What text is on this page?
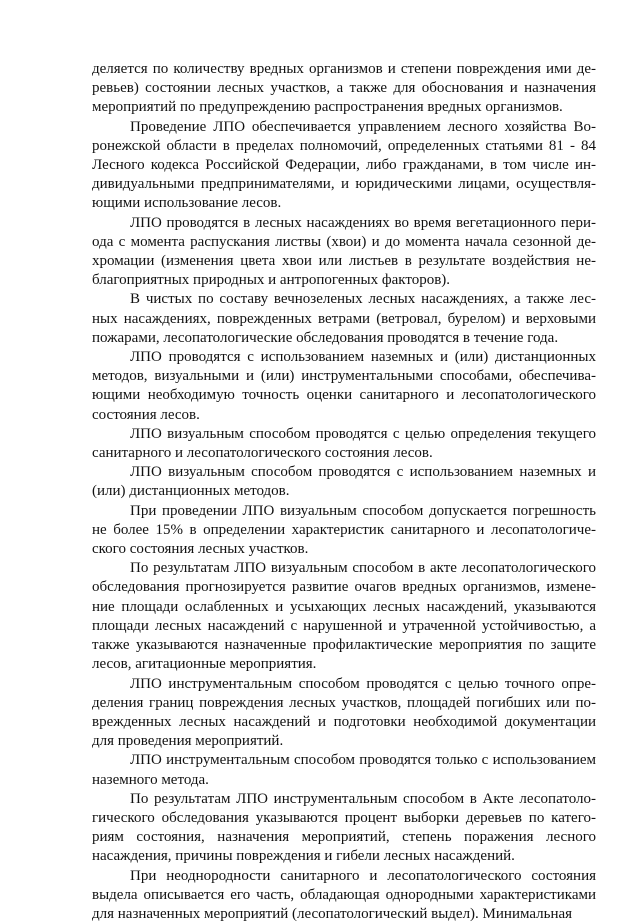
деляется по количеству вредных организмов и степени повреждения ими деревьев) состоянии лесных участков, а также для обоснования и назначения мероприятий по предупреждению распространения вредных организмов.

Проведение ЛПО обеспечивается управлением лесного хозяйства Воронежской области в пределах полномочий, определенных статьями 81 - 84 Лесного кодекса Российской Федерации, либо гражданами, в том числе индивидуальными предпринимателями, и юридическими лицами, осуществляющими использование лесов.

ЛПО проводятся в лесных насаждениях во время вегетационного периода с момента распускания листвы (хвои) и до момента начала сезонной дехромации (изменения цвета хвои или листьев в результате воздействия неблагоприятных природных и антропогенных факторов).

В чистых по составу вечнозеленых лесных насаждениях, а также лесных насаждениях, поврежденных ветрами (ветровал, бурелом) и верховыми пожарами, лесопатологические обследования проводятся в течение года.

ЛПО проводятся с использованием наземных и (или) дистанционных методов, визуальными и (или) инструментальными способами, обеспечивающими необходимую точность оценки санитарного и лесопатологического состояния лесов.

ЛПО визуальным способом проводятся с целью определения текущего санитарного и лесопатологического состояния лесов.

ЛПО визуальным способом проводятся с использованием наземных и (или) дистанционных методов.

При проведении ЛПО визуальным способом допускается погрешность не более 15% в определении характеристик санитарного и лесопатологического состояния лесных участков.

По результатам ЛПО визуальным способом в акте лесопатологического обследования прогнозируется развитие очагов вредных организмов, изменение площади ослабленных и усыхающих лесных насаждений, указываются площади лесных насаждений с нарушенной и утраченной устойчивостью, а также указываются назначенные профилактические мероприятия по защите лесов, агитационные мероприятия.

ЛПО инструментальным способом проводятся с целью точного определения границ повреждения лесных участков, площадей погибших или поврежденных лесных насаждений и подготовки необходимой документации для проведения мероприятий.

ЛПО инструментальным способом проводятся только с использованием наземного метода.

По результатам ЛПО инструментальным способом в Акте лесопатологического обследования указываются процент выборки деревьев по категориям состояния, назначения мероприятий, степень поражения лесного насаждения, причины повреждения и гибели лесных насаждений.

При неоднородности санитарного и лесопатологического состояния выдела описывается его часть, обладающая однородными характеристиками для назначенных мероприятий (лесопатологический выдел). Минимальная
